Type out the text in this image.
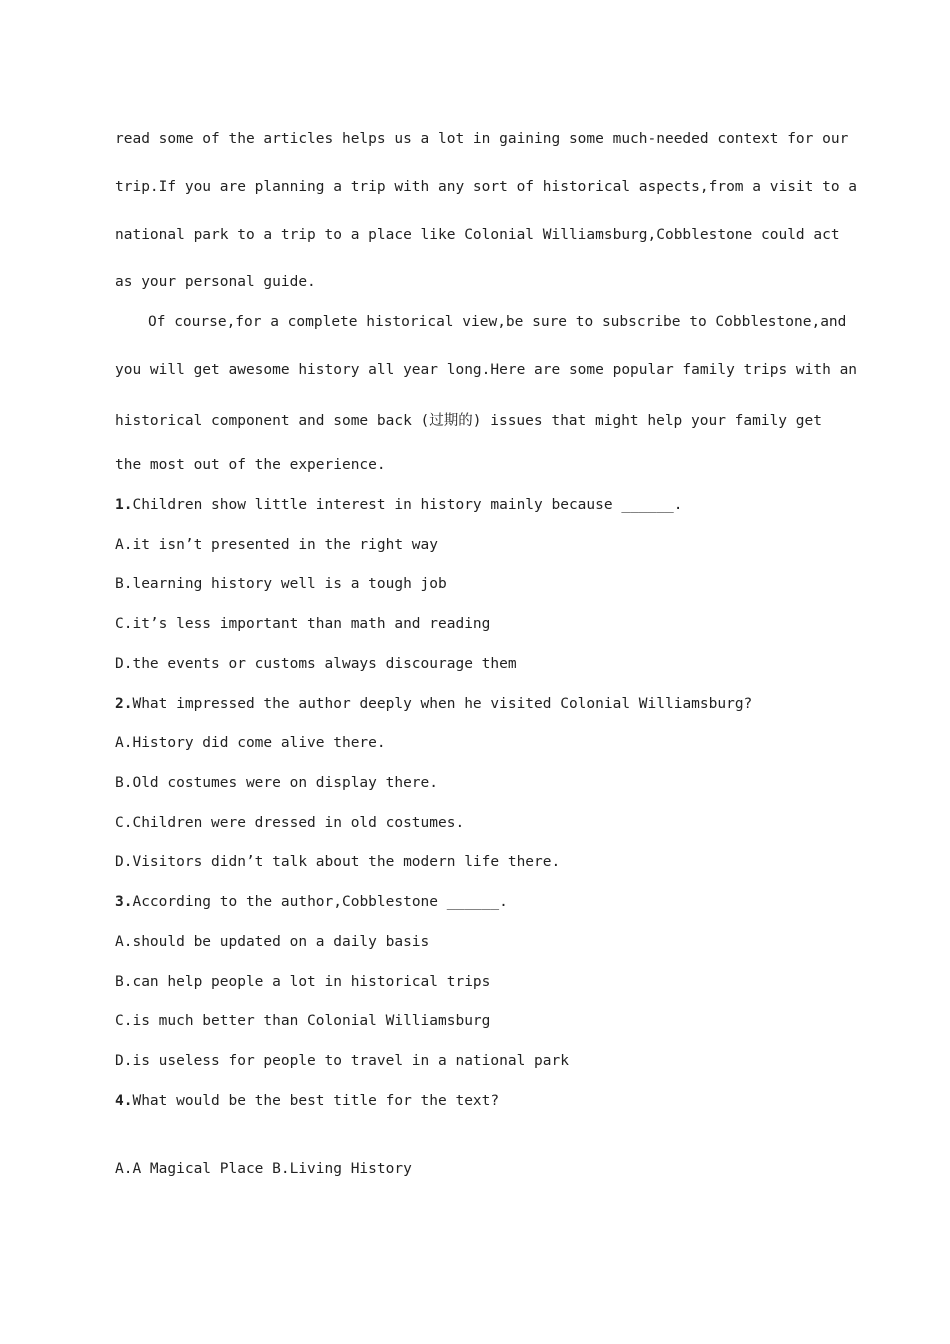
read some of the articles helps us a lot in gaining some much-needed context for our
trip.If you are planning a trip with any sort of historical aspects,from a visit to a
national park to a trip to a place like Colonial Williamsburg,Cobblestone could act
as your personal guide.
Of course,for a complete historical view,be sure to subscribe to Cobblestone,and
you will get awesome history all year long.Here are some popular family trips with an
historical component and some back (过期的) issues that might help your family get
the most out of the experience.
1.Children show little interest in history mainly because ______.
A.it isn’t presented in the right way
B.learning history well is a tough job
C.it’s less important than math and reading
D.the events or customs always discourage them
2.What impressed the author deeply when he visited Colonial Williamsburg?
A.History did come alive there.
B.Old costumes were on display there.
C.Children were dressed in old costumes.
D.Visitors didn’t talk about the modern life there.
3.According to the author,Cobblestone ______.
A.should be updated on a daily basis
B.can help people a lot in historical trips
C.is much better than Colonial Williamsburg
D.is useless for people to travel in a national park
4.What would be the best title for the text?
A.A Magical Place B.Living History
